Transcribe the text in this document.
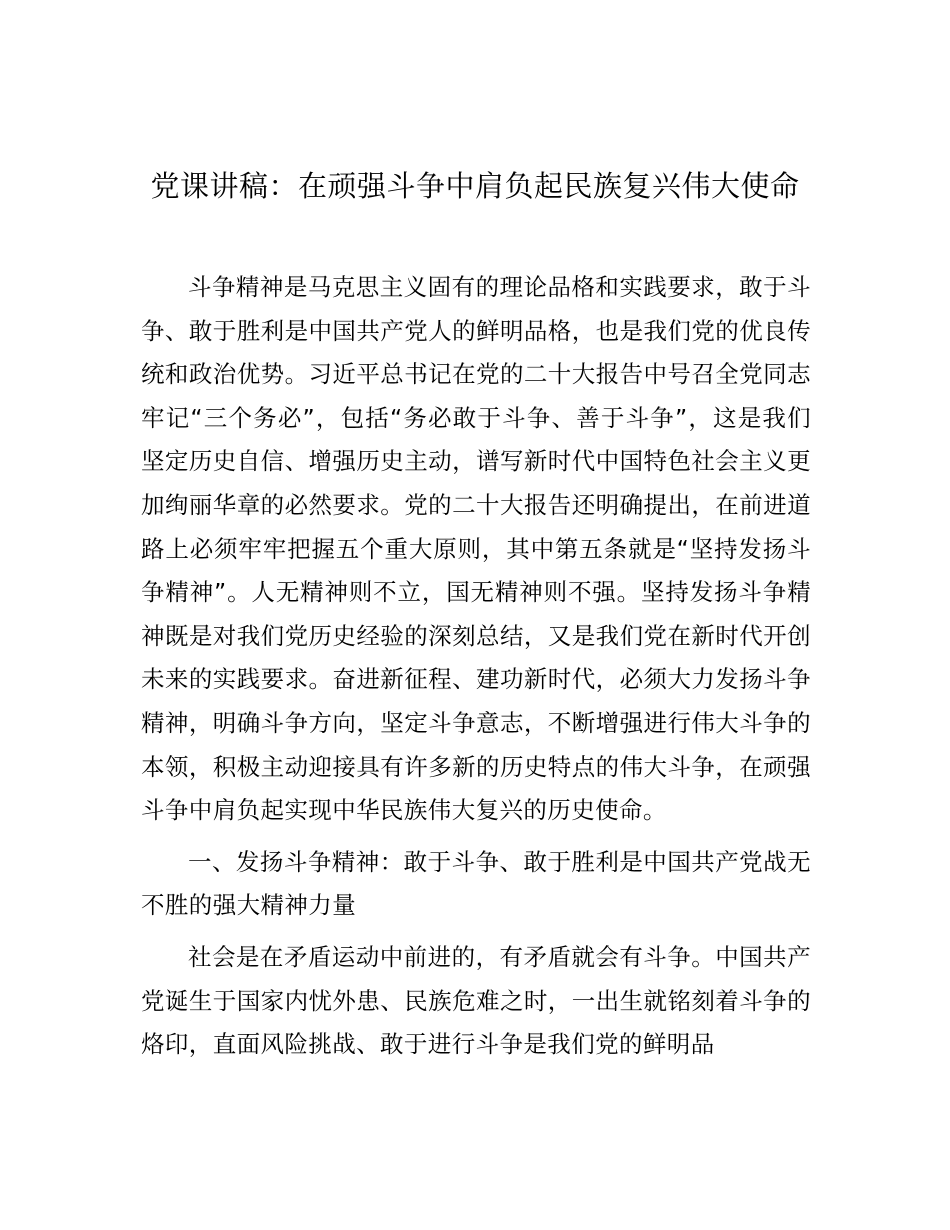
党课讲稿：在顽强斗争中肩负起民族复兴伟大使命

斗争精神是马克思主义固有的理论品格和实践要求，敢于斗争、敢于胜利是中国共产党人的鲜明品格，也是我们党的优良传统和政治优势。习近平总书记在党的二十大报告中号召全党同志牢记“三个务必”，包括“务必敢于斗争、善于斗争”，这是我们坚定历史自信、增强历史主动，谱写新时代中国特色社会主义更加绚丽华章的必然要求。党的二十大报告还明确提出，在前进道路上必须牢牢把握五个重大原则，其中第五条就是“坚持发扬斗争精神”。人无精神则不立，国无精神则不强。坚持发扬斗争精神既是对我们党历史经验的深刻总结，又是我们党在新时代开创未来的实践要求。奋进新征程、建功新时代，必须大力发扬斗争精神，明确斗争方向，坚定斗争意志，不断增强进行伟大斗争的本领，积极主动迎接具有许多新的历史特点的伟大斗争，在顽强斗争中肩负起实现中华民族伟大复兴的历史使命。

一、发扬斗争精神：敢于斗争、敢于胜利是中国共产党战无不胜的强大精神力量

社会是在矛盾运动中前进的，有矛盾就会有斗争。中国共产党诞生于国家内忧外患、民族危难之时，一出生就铭刻着斗争的烙印，直面风险挑战、敢于进行斗争是我们党的鲜明品
